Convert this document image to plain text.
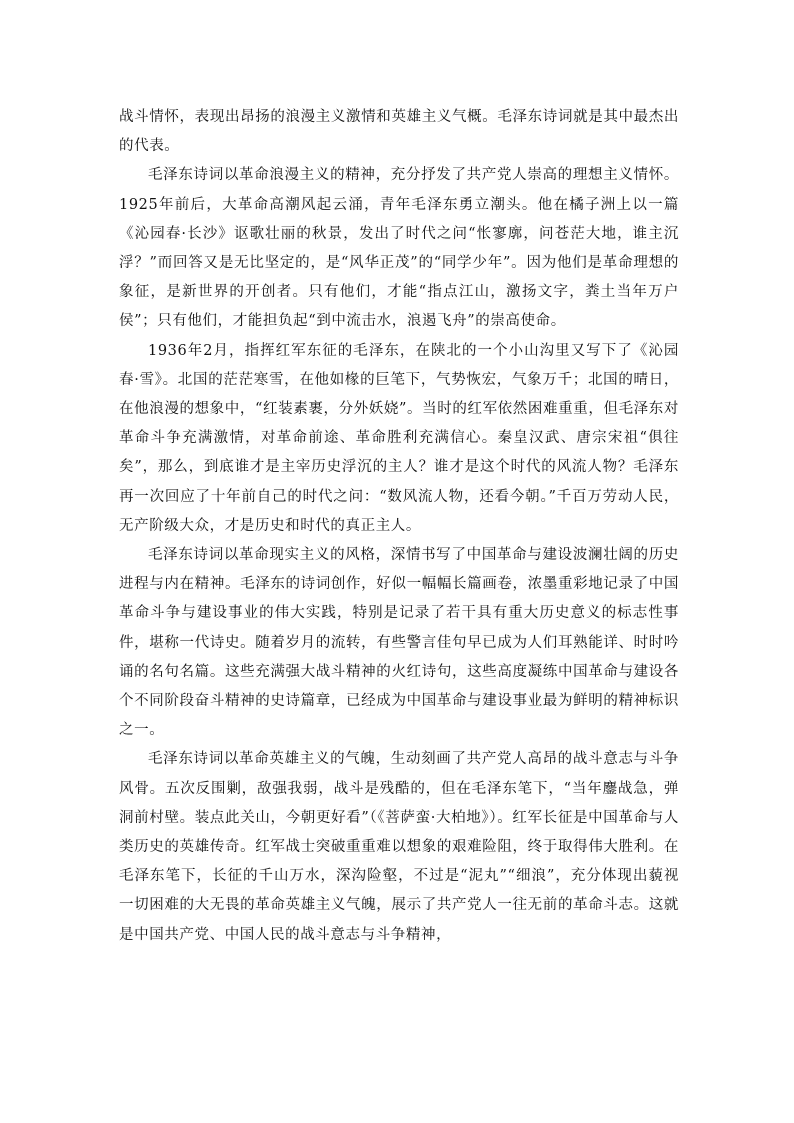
战斗情怀，表现出昂扬的浪漫主义激情和英雄主义气概。毛泽东诗词就是其中最杰出的代表。

毛泽东诗词以革命浪漫主义的精神，充分抒发了共产党人崇高的理想主义情怀。1925年前后，大革命高潮风起云涌，青年毛泽东勇立潮头。他在橘子洲上以一篇《沁园春·长沙》讴歌壮丽的秋景，发出了时代之问“怅寥廓，问苍茫大地，谁主沉浮？”而回答又是无比坚定的，是“风华正茂”的“同学少年”。因为他们是革命理想的象征，是新世界的开创者。只有他们，才能“指点江山，激扬文字，粪土当年万户侯”；只有他们，才能担负起“到中流击水，浪遏飞舟”的崇高使命。

1936年2月，指挥红军东征的毛泽东，在陕北的一个小山沟里又写下了《沁园春·雪》。北国的茫茫寒雪，在他如椽的巨笔下，气势恢宏，气象万千；北国的晴日，在他浪漫的想象中，“红装素裹，分外妖娆”。当时的红军依然困难重重，但毛泽东对革命斗争充满激情，对革命前途、革命胜利充满信心。秦皇汉武、唐宗宋祖“俱往矣”，那么，到底谁才是主宰历史浮沉的主人？谁才是这个时代的风流人物？毛泽东再一次回应了十年前自己的时代之问：“数风流人物，还看今朝。”千百万劳动人民，无产阶级大众，才是历史和时代的真正主人。

毛泽东诗词以革命现实主义的风格，深情书写了中国革命与建设波澜壮阔的历史进程与内在精神。毛泽东的诗词创作，好似一幅幅长篇画卷，浓墨重彩地记录了中国革命斗争与建设事业的伟大实践，特别是记录了若干具有重大历史意义的标志性事件，堪称一代诗史。随着岁月的流转，有些警言佳句早已成为人们耳熟能详、时时吟诵的名句名篇。这些充满强大战斗精神的火红诗句，这些高度凝练中国革命与建设各个不同阶段奋斗精神的史诗篇章，已经成为中国革命与建设事业最为鲜明的精神标识之一。

毛泽东诗词以革命英雄主义的气魄，生动刻画了共产党人高昂的战斗意志与斗争风骨。五次反围剿，敌强我弱，战斗是残酷的，但在毛泽东笔下，“当年鏖战急，弹洞前村壁。装点此关山，今朝更好看”（《菩萨蛮·大柏地》）。红军长征是中国革命与人类历史的英雄传奇。红军战士突破重重难以想象的艰难险阻，终于取得伟大胜利。在毛泽东笔下，长征的千山万水，深沟险壑，不过是“泥丸”“细浪”，充分体现出藐视一切困难的大无畏的革命英雄主义气魄，展示了共产党人一往无前的革命斗志。这就是中国共产党、中国人民的战斗意志与斗争精神，
